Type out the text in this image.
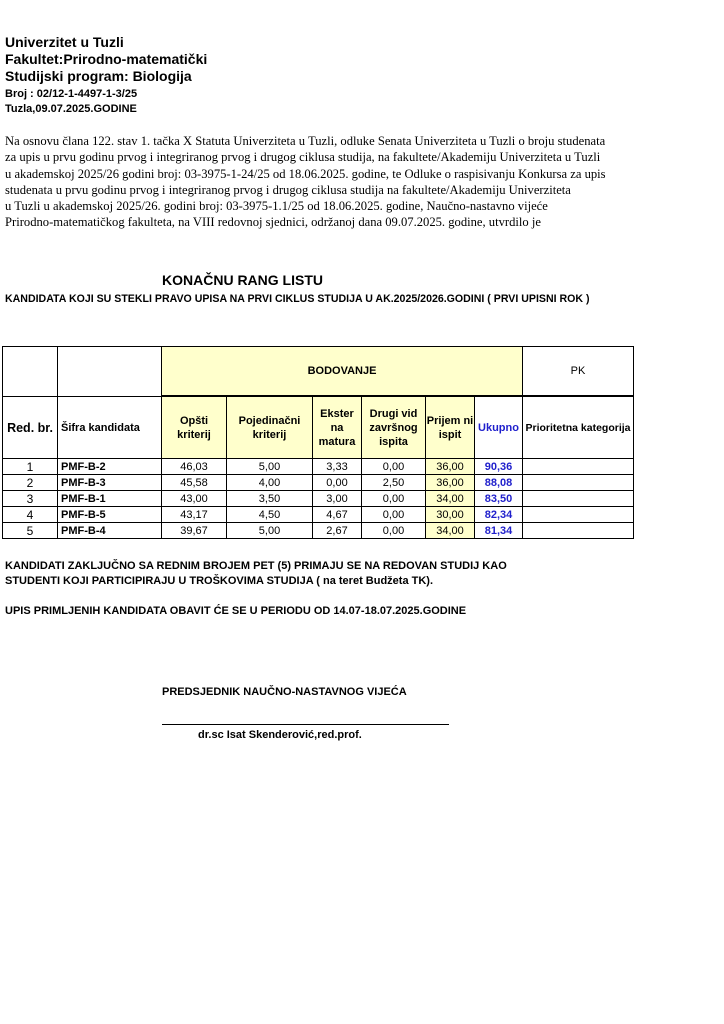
Univerzitet u Tuzli
Fakultet:Prirodno-matematički
Studijski program: Biologija
Broj : 02/12-1-4497-1-3/25
Tuzla,09.07.2025.GODINE
Na osnovu člana 122. stav 1. tačka X Statuta Univerziteta u Tuzli, odluke Senata Univerziteta u Tuzli o broju studenata
za upis u prvu godinu prvog i integriranog prvog i drugog ciklusa studija, na fakultete/Akademiju Univerziteta u Tuzli
u akademskoj 2025/26 godini broj: 03-3975-1-24/25 od 18.06.2025. godine, te Odluke o raspisivanju Konkursa za upis
studenata u prvu godinu prvog i integriranog prvog i drugog ciklusa studija na fakultete/Akademiju Univerziteta
u Tuzli u akademskoj 2025/26. godini broj: 03-3975-1.1/25 od 18.06.2025. godine, Naučno-nastavno vijeće
Prirodno-matematičkog fakulteta, na VIII redovnoj sjednici, održanoj dana 09.07.2025. godine, utvrdilo je
KONAČNU RANG LISTU
KANDIDATA KOJI SU STEKLI PRAVO UPISA NA PRVI CIKLUS STUDIJA U AK.2025/2026.GODINI ( PRVI UPISNI ROK )
		BODOVANJE						PK

Red. br.	Šifra kandidata	Opšti kriterij	Pojedinačni kriterij	Ekster na matura	Drugi vid završnog ispita	Prijem ni ispit	Ukupno	Prioritetna kategorija
1	PMF-B-2	46,03	5,00	3,33	0,00	36,00	90,36	
2	PMF-B-3	45,58	4,00	0,00	2,50	36,00	88,08	
3	PMF-B-1	43,00	3,50	3,00	0,00	34,00	83,50	
4	PMF-B-5	43,17	4,50	4,67	0,00	30,00	82,34	
5	PMF-B-4	39,67	5,00	2,67	0,00	34,00	81,34	
KANDIDATI ZAKLJUČNO SA REDNIM BROJEM PET (5) PRIMAJU SE NA REDOVAN STUDIJ KAO
STUDENTI KOJI PARTICIPIRAJU U TROŠKOVIMA STUDIJA ( na teret Budžeta TK).
UPIS PRIMLJENIH KANDIDATA OBAVIT ĆE SE U PERIODU OD 14.07-18.07.2025.GODINE
PREDSJEDNIK NAUČNO-NASTAVNOG VIJEĆA
dr.sc Isat Skenderović,red.prof.
